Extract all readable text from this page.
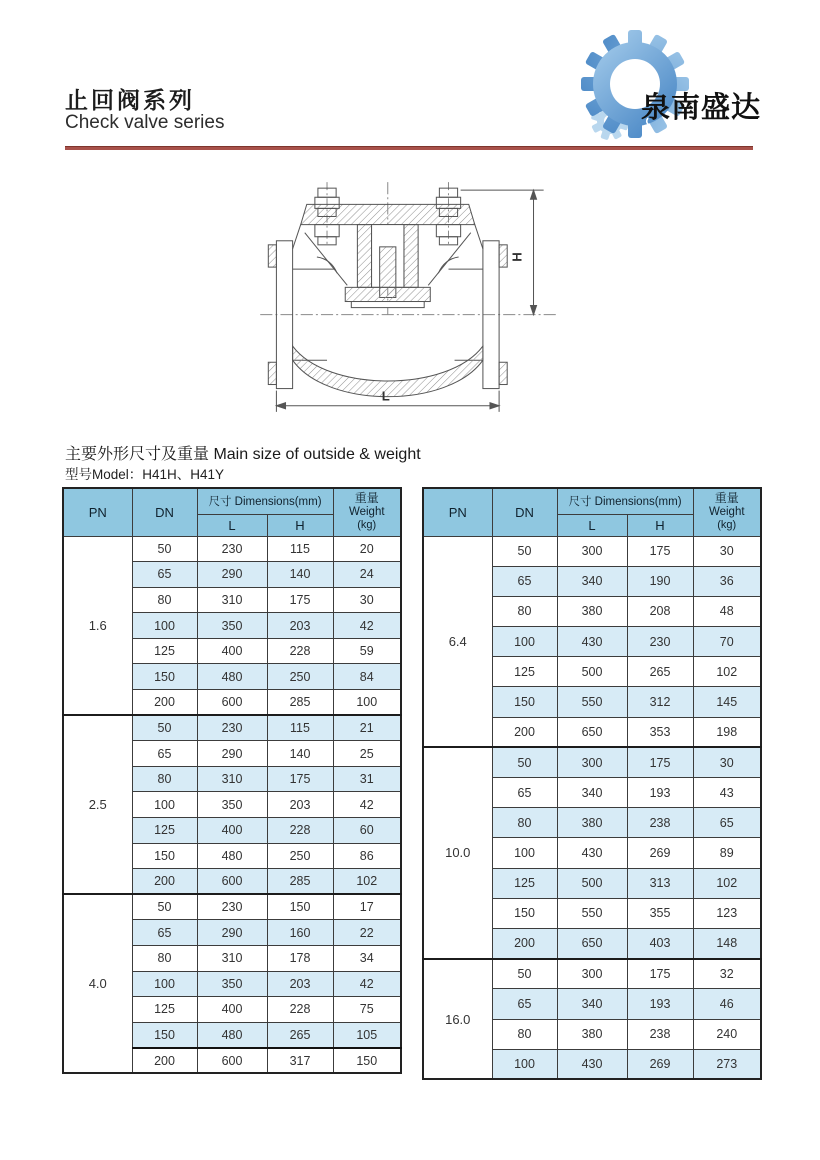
泉南盛达
止回阀系列
Check valve series
H
L
主要外形尺寸及重量 Main size of outside & weight
型号Model：H41H、H41Y
PN	DN	尺寸 Dimensions(mm)		重量
Weight
(kg)

		L	H	
1.6	50	230	115	20
	65	290	140	24
	80	310	175	30
	100	350	203	42
	125	400	228	59
	150	480	250	84
	200	600	285	100
2.5	50	230	115	21
	65	290	140	25
	80	310	175	31
	100	350	203	42
	125	400	228	60
	150	480	250	86
	200	600	285	102
4.0	50	230	150	17
	65	290	160	22
	80	310	178	34
	100	350	203	42
	125	400	228	75
	150	480	265	105
	200	600	317	150
PN	DN	尺寸 Dimensions(mm)		重量
Weight
(kg)

		L	H	
6.4	50	300	175	30
	65	340	190	36
	80	380	208	48
	100	430	230	70
	125	500	265	102
	150	550	312	145
	200	650	353	198
10.0	50	300	175	30
	65	340	193	43
	80	380	238	65
	100	430	269	89
	125	500	313	102
	150	550	355	123
	200	650	403	148
16.0	50	300	175	32
	65	340	193	46
	80	380	238	240
	100	430	269	273
